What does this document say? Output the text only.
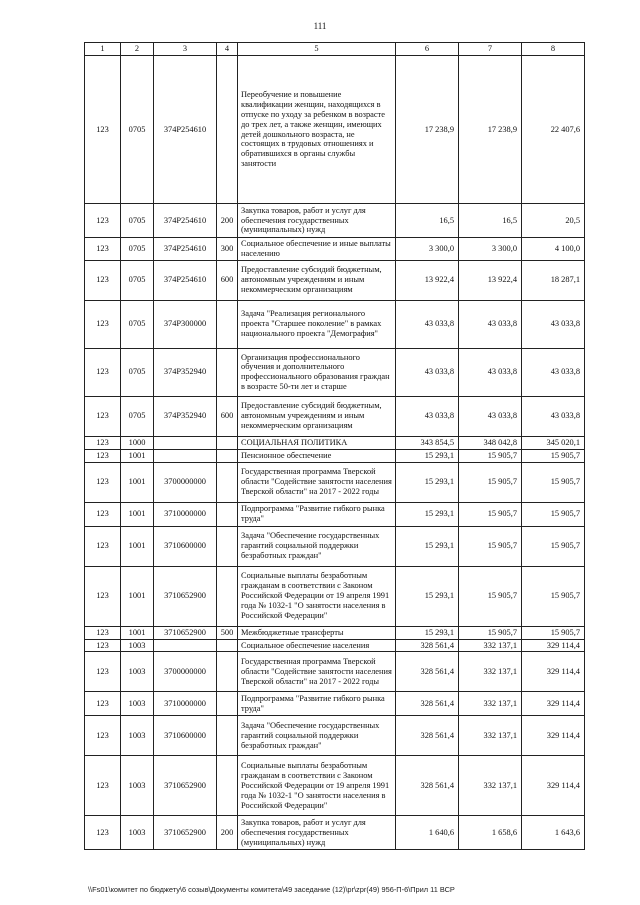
111
1	2	3	4	5	6	7	8
123	0705	374P254610		Переобучение и повышение квалификации женщин, находящихся в отпуске по уходу за ребенком в возрасте до трех лет, а также женщин, имеющих детей дошкольного возраста, не состоящих в трудовых отношениях и обратившихся в органы службы занятости	17 238,9	17 238,9	22 407,6
123	0705	374P254610	200	Закупка товаров, работ и услуг для обеспечения государственных (муниципальных) нужд	16,5	16,5	20,5
123	0705	374P254610	300	Социальное обеспечение и иные выплаты населению	3 300,0	3 300,0	4 100,0
123	0705	374P254610	600	Предоставление субсидий бюджетным, автономным учреждениям и иным некоммерческим организациям	13 922,4	13 922,4	18 287,1
123	0705	374P300000		Задача "Реализация регионального проекта "Старшее поколение" в рамках национального проекта "Демография"	43 033,8	43 033,8	43 033,8
123	0705	374P352940		Организация профессионального обучения и дополнительного профессионального образования граждан в возрасте 50-ти лет и старше	43 033,8	43 033,8	43 033,8
123	0705	374P352940	600	Предоставление субсидий бюджетным, автономным учреждениям и иным некоммерческим организациям	43 033,8	43 033,8	43 033,8
123	1000			СОЦИАЛЬНАЯ ПОЛИТИКА	343 854,5	348 042,8	345 020,1
123	1001			Пенсионное обеспечение	15 293,1	15 905,7	15 905,7
123	1001	3700000000		Государственная программа Тверской области "Содействие занятости населения Тверской области" на 2017 - 2022 годы	15 293,1	15 905,7	15 905,7
123	1001	3710000000		Подпрограмма "Развитие гибкого рынка труда"	15 293,1	15 905,7	15 905,7
123	1001	3710600000		Задача "Обеспечение государственных гарантий социальной поддержки безработных граждан"	15 293,1	15 905,7	15 905,7
123	1001	3710652900		Социальные выплаты безработным гражданам в соответствии с Законом Российской Федерации от 19 апреля 1991 года № 1032-1 "О занятости населения в Российской Федерации"	15 293,1	15 905,7	15 905,7
123	1001	3710652900	500	Межбюджетные трансферты	15 293,1	15 905,7	15 905,7
123	1003			Социальное обеспечение населения	328 561,4	332 137,1	329 114,4
123	1003	3700000000		Государственная программа Тверской области "Содействие занятости населения Тверской области" на 2017 - 2022 годы	328 561,4	332 137,1	329 114,4
123	1003	3710000000		Подпрограмма "Развитие гибкого рынка труда"	328 561,4	332 137,1	329 114,4
123	1003	3710600000		Задача "Обеспечение государственных гарантий социальной поддержки безработных граждан"	328 561,4	332 137,1	329 114,4
123	1003	3710652900		Социальные выплаты безработным гражданам в соответствии с Законом Российской Федерации от 19 апреля 1991 года № 1032-1 "О занятости населения в Российской Федерации"	328 561,4	332 137,1	329 114,4
123	1003	3710652900	200	Закупка товаров, работ и услуг для обеспечения государственных (муниципальных) нужд	1 640,6	1 658,6	1 643,6
\\Fs01\комитет по бюджету\6 созыв\Документы комитета\49 заседание (12)\pr\zpr(49) 956-П-6\Прил 11 ВСР
